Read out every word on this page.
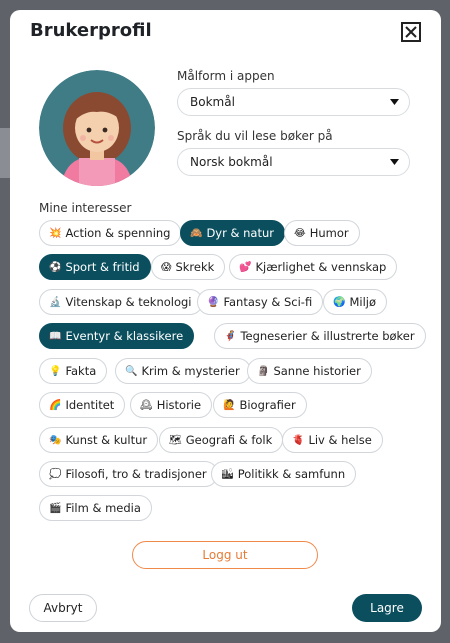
Brukerprofil
Målform i appen
Bokmål
Språk du vil lese bøker på
Norsk bokmål
Mine interesser
💥 Action & spenning 🙈 Dyr & natur 😂 Humor
⚽ Sport & fritid 😱 Skrekk 💕 Kjærlighet & vennskap
🔬 Vitenskap & teknologi 🔮 Fantasy & Sci-fi 🌍 Miljø
📖 Eventyr & klassikere	🦸 Tegneserier & illustrerte bøker
💡 Fakta	🔍 Krim & mysterier 🗿 Sanne historier
🌈 Identitet	🕰 Historie 🙋 Biografier
🎭 Kunst & kultur 🗺 Geografi & folk 🫀 Liv & helse
💭 Filosofi, tro & tradisjoner 🏙 Politikk & samfunn
🎬 Film & media
Logg ut
Avbryt	Lagre
